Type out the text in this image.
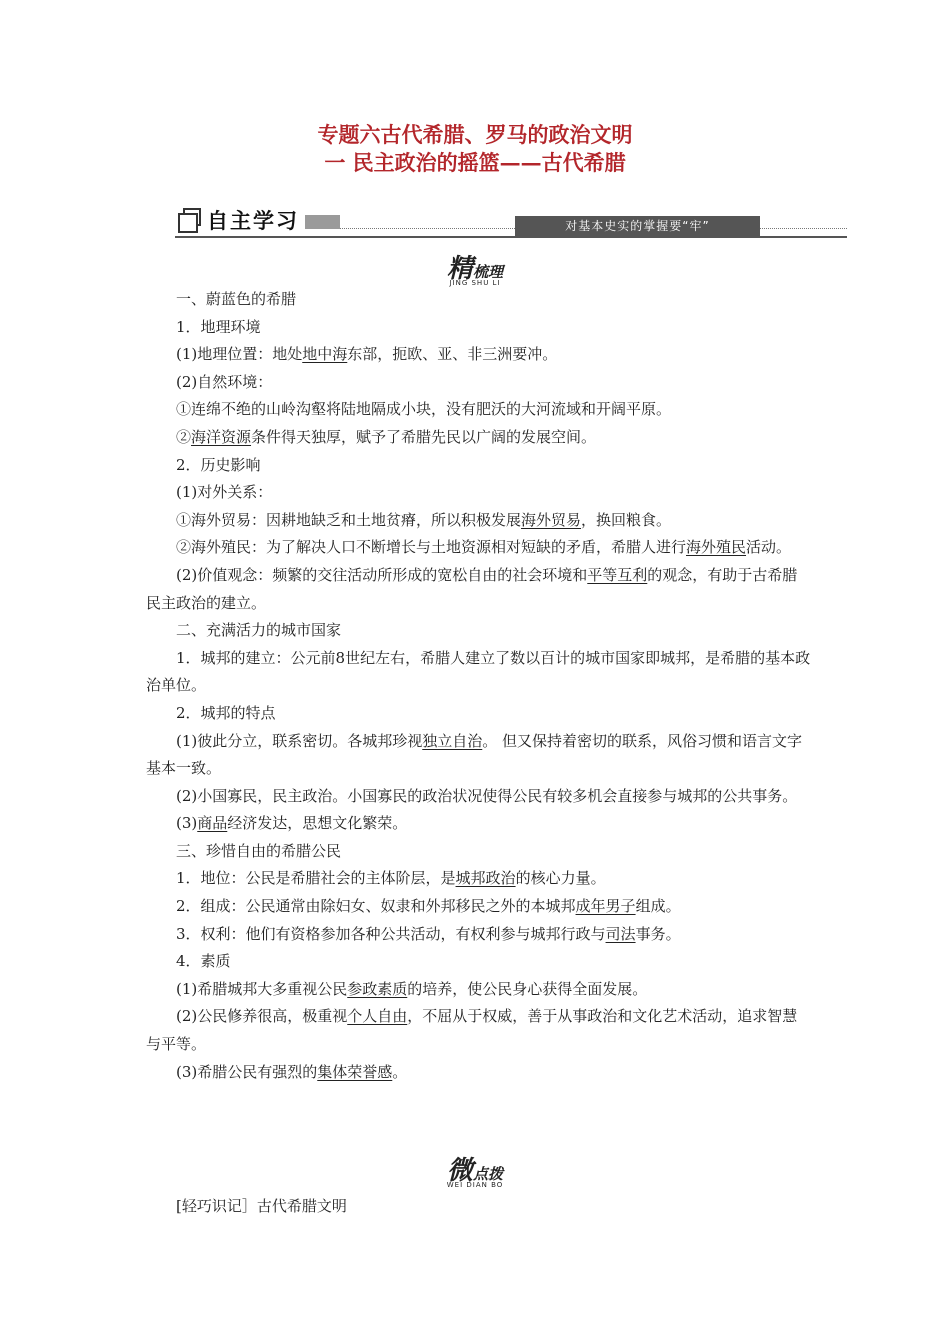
专题六古代希腊、罗马的政治文明
一 民主政治的摇篮——古代希腊
自主学习	对基本史实的掌握要“牢”
精梳理
JING SHU LI

一、蔚蓝色的希腊

1．地理环境

(1)地理位置：地处地中海东部，扼欧、亚、非三洲要冲。

(2)自然环境：

①连绵不绝的山岭沟壑将陆地隔成小块，没有肥沃的大河流域和开阔平原。

②海洋资源条件得天独厚，赋予了希腊先民以广阔的发展空间。

2．历史影响

(1)对外关系：

①海外贸易：因耕地缺乏和土地贫瘠，所以积极发展海外贸易，换回粮食。

②海外殖民：为了解决人口不断增长与土地资源相对短缺的矛盾，希腊人进行海外殖民活动。

(2)价值观念：频繁的交往活动所形成的宽松自由的社会环境和平等互利的观念，有助于古希腊民主政治的建立。

二、充满活力的城市国家

1．城邦的建立：公元前8世纪左右，希腊人建立了数以百计的城市国家即城邦，是希腊的基本政治单位。

2．城邦的特点

(1)彼此分立，联系密切。各城邦珍视独立自治。 但又保持着密切的联系，风俗习惯和语言文字基本一致。

(2)小国寡民，民主政治。小国寡民的政治状况使得公民有较多机会直接参与城邦的公共事务。

(3)商品经济发达，思想文化繁荣。

三、珍惜自由的希腊公民

1．地位：公民是希腊社会的主体阶层，是城邦政治的核心力量。

2．组成：公民通常由除妇女、奴隶和外邦移民之外的本城邦成年男子组成。

3．权利：他们有资格参加各种公共活动，有权利参与城邦行政与司法事务。

4．素质

(1)希腊城邦大多重视公民参政素质的培养，使公民身心获得全面发展。

(2)公民修养很高，极重视个人自由，不屈从于权威，善于从事政治和文化艺术活动，追求智慧与平等。

(3)希腊公民有强烈的集体荣誉感。

微点拨
WEI DIAN BO
[轻巧识记］古代希腊文明
